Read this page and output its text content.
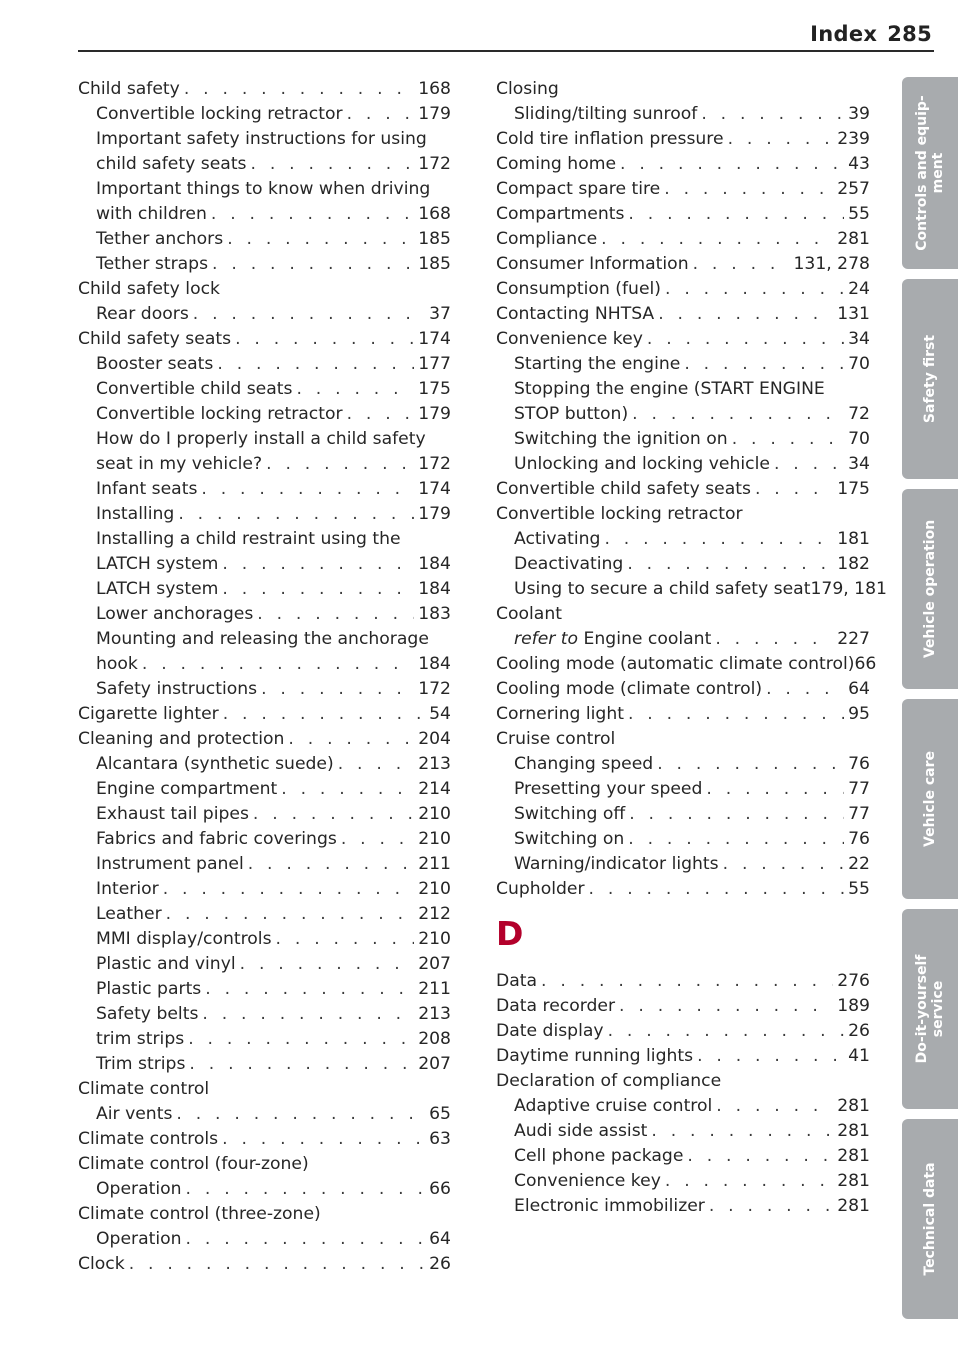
Index 285
Child safety . . .	168
Convertible locking retractor . . .	179
Important safety instructions for using
child safety seats . . .	172
Important things to know when driving
with children . . .	168
Tether anchors . . .	185
Tether straps . . .	185
Child safety lock
Rear doors . . .	37
Child safety seats . . .	174
Booster seats . . .	177
Convertible child seats . . .	175
Convertible locking retractor . . .	179
How do I properly install a child safety
seat in my vehicle? . . .	172
Infant seats . . .	174
Installing . . .	179
Installing a child restraint using the
LATCH system . . .	184
LATCH system . . .	184
Lower anchorages . . .	183
Mounting and releasing the anchorage
hook . . .	184
Safety instructions . . .	172
Cigarette lighter . . .	54
Cleaning and protection . . .	204
Alcantara (synthetic suede) . . .	213
Engine compartment . . .	214
Exhaust tail pipes . . .	210
Fabrics and fabric coverings . . .	210
Instrument panel . . .	211
Interior . . .	210
Leather . . .	212
MMI display/controls . . .	210
Plastic and vinyl . . .	207
Plastic parts . . .	211
Safety belts . . .	213
trim strips . . .	208
Trim strips . . .	207
Climate control
Air vents . . .	65
Climate controls . . .	63
Climate control (four-zone)
Operation . . .	66
Climate control (three-zone)
Operation . . .	64
Clock . . .	26
Closing
Sliding/tilting sunroof . . .	39
Cold tire inflation pressure . . .	239
Coming home . . .	43
Compact spare tire . . .	257
Compartments . . .	55
Compliance . . .	281
Consumer Information . . .	131, 278
Consumption (fuel) . . .	24
Contacting NHTSA . . .	131
Convenience key . . .	34
Starting the engine . . .	70
Stopping the engine (START ENGINE
STOP button) . . .	72
Switching the ignition on . . .	70
Unlocking and locking vehicle . . .	34
Convertible child safety seats . . .	175
Convertible locking retractor
Activating . . .	181
Deactivating . . .	182
Using to secure a child safety seat 179, 181
Coolant
refer to Engine coolant . . .	227
Cooling mode (automatic climate control) 66
Cooling mode (climate control) . . .	64
Cornering light . . .	95
Cruise control
Changing speed . . .	76
Presetting your speed . . .	77
Switching off . . .	77
Switching on . . .	76
Warning/indicator lights . . .	22
Cupholder . . .	55
D
Data . . .	276
Data recorder . . .	189
Date display . . .	26
Daytime running lights . . .	41
Declaration of compliance
Adaptive cruise control . . .	281
Audi side assist . . .	281
Cell phone package . . .	281
Convenience key . . .	281
Electronic immobilizer . . .	281
Controls and equip-
ment
Safety first
Vehicle operation
Vehicle care
Do-it-yourself
service
Technical data
